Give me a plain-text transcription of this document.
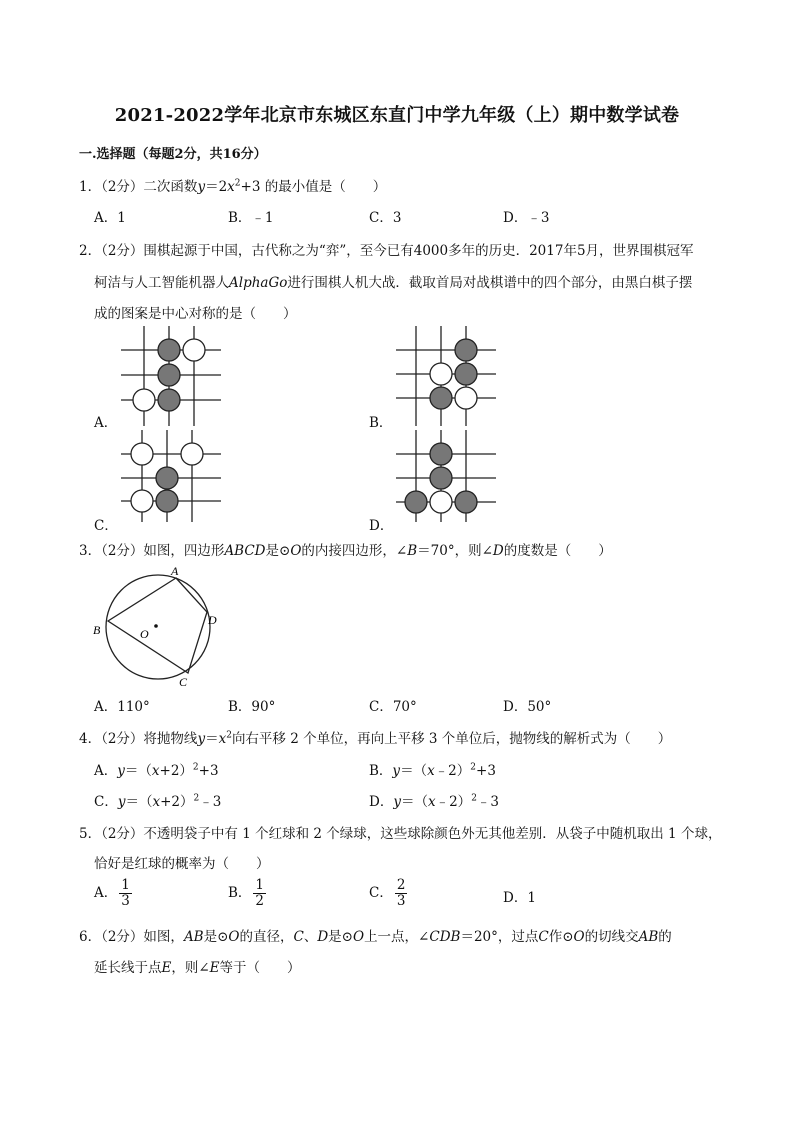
2021-2022学年北京市东城区东直门中学九年级（上）期中数学试卷
一.选择题（每题2分，共16分）
1．（2分）二次函数$y=2x^2+3$ 的最小值是（　　）
A．1	B．﹣1	C．3	D．﹣3
2．（2分）围棋起源于中国，古代称之为“弈”，至今已有4000多年的历史．2017年5月，世界围棋冠军
柯洁与人工智能机器人AlphaGo进行围棋人机大战．截取首局对战棋谱中的四个部分，由黑白棋子摆
成的图案是中心对称的是（　　）
A．	B．
C．	D．
3．（2分）如图，四边形ABCD是⊙O的内接四边形，∠B＝70°，则∠D的度数是（　　）
A
B
C
D
O
A．110°	B．90°	C．70°	D．50°
4．（2分）将抛物线$y=x^2$向右平移 2 个单位，再向上平移 3 个单位后，抛物线的解析式为（　　）
A．$y=(x+2)^2+3$	B．y＝（x﹣2）$^2$+3
C．$y=(x+2)^2﹣3$	D．y＝（x﹣2）$^2$﹣3
5．（2分）不透明袋子中有 1 个红球和 2 个绿球，这些球除颜色外无其他差别．从袋子中随机取出 1 个球，
恰好是红球的概率为（　　）
A． $\frac{1}{3}$	B． $\frac{1}{2}$	C． $\frac{2}{3}$	D．1
6．（2分）如图，AB是⊙O的直径，C、D是⊙O上一点，∠CDB＝20°，过点C作⊙O的切线交AB的
延长线于点E，则∠E等于（　　）
